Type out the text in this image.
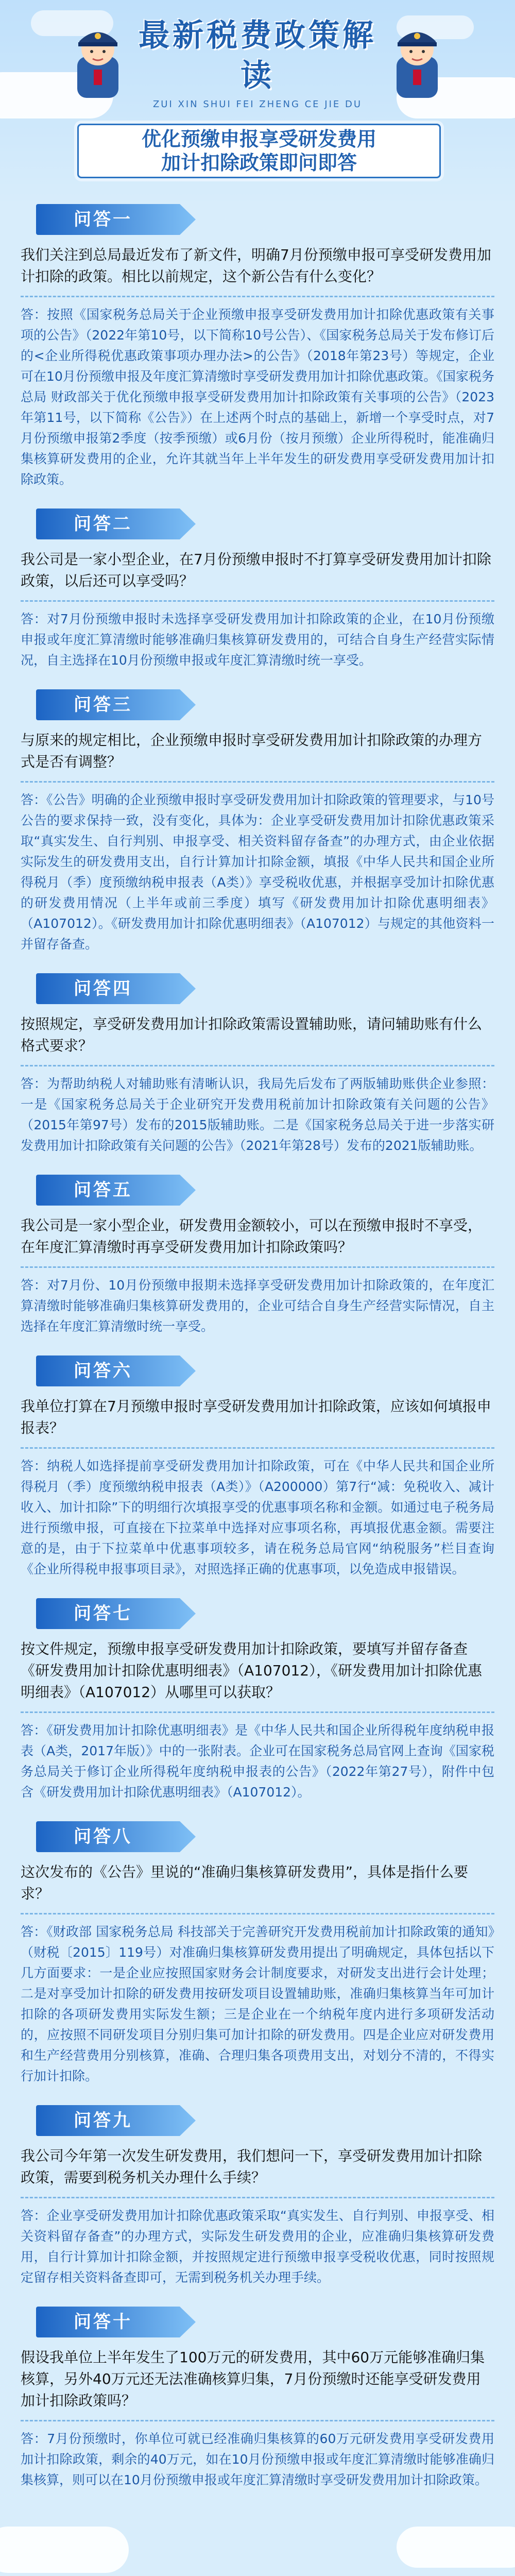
最新税费政策解读
ZUI XIN SHUI FEI ZHENG CE JIE DU
优化预缴申报享受研发费用
加计扣除政策即问即答
问答一
我们关注到总局最近发布了新文件，明确7月份预缴申报可享受研发费用加计扣除的政策。相比以前规定，这个新公告有什么变化？
答：按照《国家税务总局关于企业预缴申报享受研发费用加计扣除优惠政策有关事项的公告》（2022年第10号，以下简称10号公告）、《国家税务总局关于发布修订后的<企业所得税优惠政策事项办理办法>的公告》（2018年第23号）等规定，企业可在10月份预缴申报及年度汇算清缴时享受研发费用加计扣除优惠政策。《国家税务总局 财政部关于优化预缴申报享受研发费用加计扣除政策有关事项的公告》（2023年第11号，以下简称《公告》）在上述两个时点的基础上，新增一个享受时点，对7月份预缴申报第2季度（按季预缴）或6月份（按月预缴）企业所得税时，能准确归集核算研发费用的企业，允许其就当年上半年发生的研发费用享受研发费用加计扣除政策。
问答二
我公司是一家小型企业，在7月份预缴申报时不打算享受研发费用加计扣除政策，以后还可以享受吗？
答：对7月份预缴申报时未选择享受研发费用加计扣除政策的企业，在10月份预缴申报或年度汇算清缴时能够准确归集核算研发费用的，可结合自身生产经营实际情况，自主选择在10月份预缴申报或年度汇算清缴时统一享受。
问答三
与原来的规定相比，企业预缴申报时享受研发费用加计扣除政策的办理方式是否有调整？
答：《公告》明确的企业预缴申报时享受研发费用加计扣除政策的管理要求，与10号公告的要求保持一致，没有变化，具体为：企业享受研发费用加计扣除优惠政策采取“真实发生、自行判别、申报享受、相关资料留存备查”的办理方式，由企业依据实际发生的研发费用支出，自行计算加计扣除金额，填报《中华人民共和国企业所得税月（季）度预缴纳税申报表（A类）》享受税收优惠，并根据享受加计扣除优惠的研发费用情况（上半年或前三季度）填写《研发费用加计扣除优惠明细表》（A107012）。《研发费用加计扣除优惠明细表》（A107012）与规定的其他资料一并留存备查。
问答四
按照规定，享受研发费用加计扣除政策需设置辅助账，请问辅助账有什么格式要求？
答：为帮助纳税人对辅助账有清晰认识，我局先后发布了两版辅助账供企业参照：一是《国家税务总局关于企业研究开发费用税前加计扣除政策有关问题的公告》（2015年第97号）发布的2015版辅助账。二是《国家税务总局关于进一步落实研发费用加计扣除政策有关问题的公告》（2021年第28号）发布的2021版辅助账。
问答五
我公司是一家小型企业，研发费用金额较小，可以在预缴申报时不享受，在年度汇算清缴时再享受研发费用加计扣除政策吗？
答：对7月份、10月份预缴申报期未选择享受研发费用加计扣除政策的，在年度汇算清缴时能够准确归集核算研发费用的，企业可结合自身生产经营实际情况，自主选择在年度汇算清缴时统一享受。
问答六
我单位打算在7月预缴申报时享受研发费用加计扣除政策，应该如何填报申报表？
答：纳税人如选择提前享受研发费用加计扣除政策，可在《中华人民共和国企业所得税月（季）度预缴纳税申报表（A类）》（A200000）第7行“减：免税收入、减计收入、加计扣除”下的明细行次填报享受的优惠事项名称和金额。如通过电子税务局进行预缴申报，可直接在下拉菜单中选择对应事项名称，再填报优惠金额。需要注意的是，由于下拉菜单中优惠事项较多，请在税务总局官网“纳税服务”栏目查询《企业所得税申报事项目录》，对照选择正确的优惠事项，以免造成申报错误。
问答七
按文件规定，预缴申报享受研发费用加计扣除政策，要填写并留存备查《研发费用加计扣除优惠明细表》（A107012），《研发费用加计扣除优惠明细表》（A107012）从哪里可以获取？
答：《研发费用加计扣除优惠明细表》是《中华人民共和国企业所得税年度纳税申报表（A类，2017年版）》中的一张附表。企业可在国家税务总局官网上查询《国家税务总局关于修订企业所得税年度纳税申报表的公告》（2022年第27号），附件中包含《研发费用加计扣除优惠明细表》（A107012）。
问答八
这次发布的《公告》里说的“准确归集核算研发费用”，具体是指什么要求？
答：《财政部 国家税务总局 科技部关于完善研究开发费用税前加计扣除政策的通知》（财税〔2015〕119号）对准确归集核算研发费用提出了明确规定，具体包括以下几方面要求：一是企业应按照国家财务会计制度要求，对研发支出进行会计处理；二是对享受加计扣除的研发费用按研发项目设置辅助账，准确归集核算当年可加计扣除的各项研发费用实际发生额；三是企业在一个纳税年度内进行多项研发活动的，应按照不同研发项目分别归集可加计扣除的研发费用。四是企业应对研发费用和生产经营费用分别核算，准确、合理归集各项费用支出，对划分不清的，不得实行加计扣除。
问答九
我公司今年第一次发生研发费用，我们想问一下，享受研发费用加计扣除政策，需要到税务机关办理什么手续？
答：企业享受研发费用加计扣除优惠政策采取“真实发生、自行判别、申报享受、相关资料留存备查”的办理方式，实际发生研发费用的企业，应准确归集核算研发费用，自行计算加计扣除金额，并按照规定进行预缴申报享受税收优惠，同时按照规定留存相关资料备查即可，无需到税务机关办理手续。
问答十
假设我单位上半年发生了100万元的研发费用，其中60万元能够准确归集核算，另外40万元还无法准确核算归集，7月份预缴时还能享受研发费用加计扣除政策吗？
答：7月份预缴时，你单位可就已经准确归集核算的60万元研发费用享受研发费用加计扣除政策，剩余的40万元，如在10月份预缴申报或年度汇算清缴时能够准确归集核算，则可以在10月份预缴申报或年度汇算清缴时享受研发费用加计扣除政策。
